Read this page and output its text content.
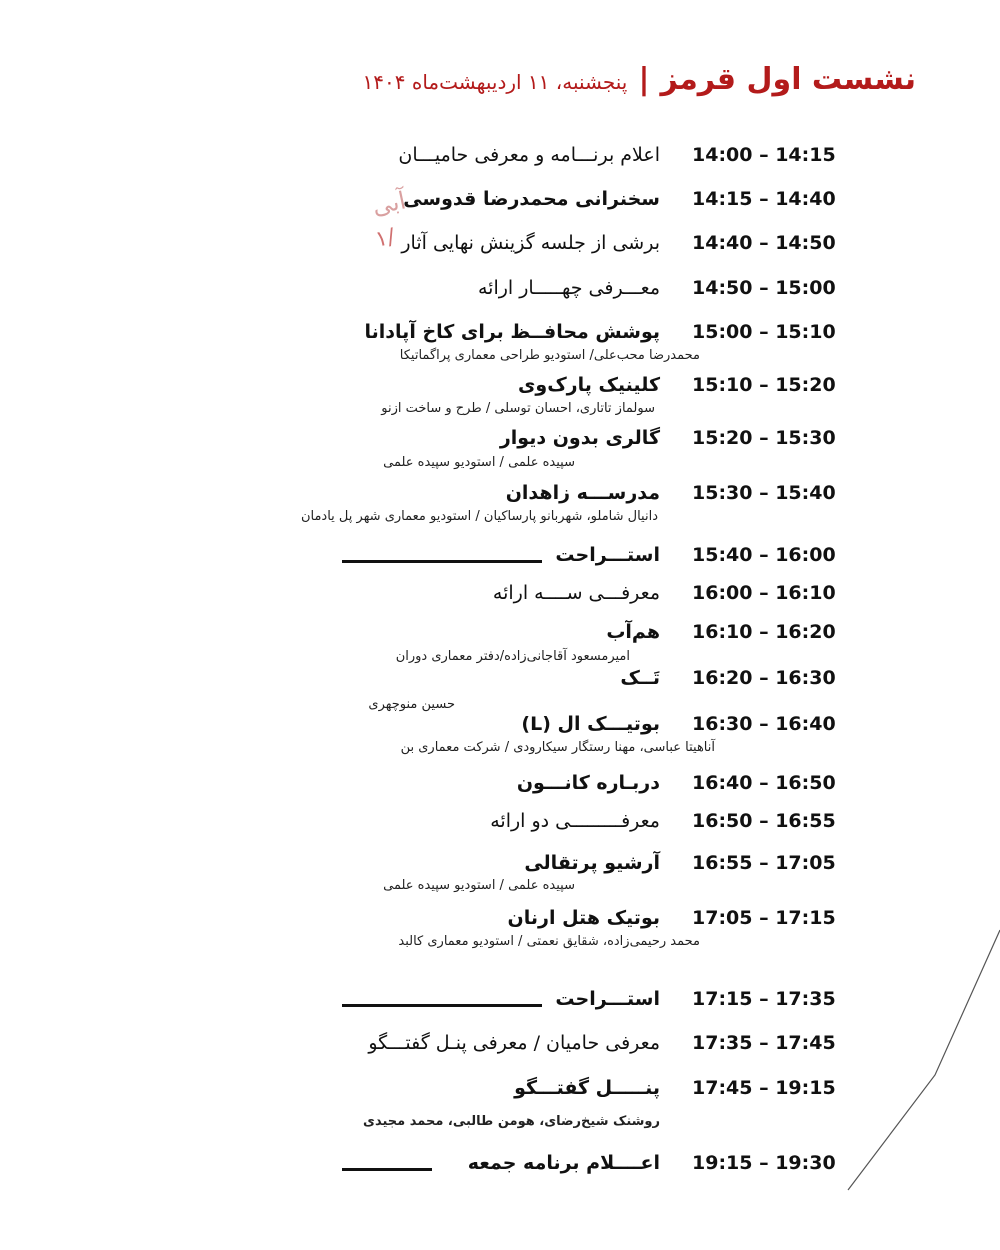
نشست اول قرمز | پنجشنبه، ۱۱ اردیبهشت‌ماه ۱۴۰۴
14:00 – 14:15
اعلام برنـــامه و معرفی حامیـــان
14:15 – 14:40
سخنرانی محمدرضا قدوسی
آبی
۱/	14:40 – 14:50
برشی از جلسه گزینش نهایی آثار
14:50 – 15:00
معـــرفی چهـــــار ارائه
15:00 – 15:10
پوشش محافــظ برای کاخ آپادانا
محمدرضا محب‌علی/ استودیو طراحی معماری پراگماتیکا
15:10 – 15:20
کلینیک پارک‌وی
سولماز تاتاری، احسان توسلی / طرح و ساخت ازنو
15:20 – 15:30
گالری بدون دیوار
سپیده علمی / استودیو سپیده علمی
15:30 – 15:40
مدرســـه زاهدان
دانیال شاملو، شهربانو پارساکیان / استودیو معماری شهر پل یادمان
15:40 – 16:00
استـــراحت
16:00 – 16:10
معرفـــی ســــه ارائه
16:10 – 16:20
هم‌آب
امیرمسعود آقاجانی‌زاده/دفتر معماری دوران
16:20 – 16:30
تَــک
حسین منوچهری
16:30 – 16:40
بوتیـــک ال (L)
آناهیتا عباسی، مهنا رستگار سیکارودی / شرکت معماری بن
16:40 – 16:50
دربـاره کانـــون
16:50 – 16:55
معرفـــــــــی دو ارائه
16:55 – 17:05
آرشیو پرتقالی
سپیده علمی / استودیو سپیده علمی
17:05 – 17:15
بوتیک هتل ارنان
محمد رحیمی‌زاده، شقایق نعمتی / استودیو معماری کالبد
17:15 – 17:35
استـــراحت
17:35 – 17:45
معرفی حامیان / معرفی پنـل گفتـــگو
17:45 – 19:15
پنـــــل گفتـــگو
روشنک شیخ‌رضای، هومن طالبی، محمد مجیدی
19:15 – 19:30
اعــــلام برنامه جمعه
